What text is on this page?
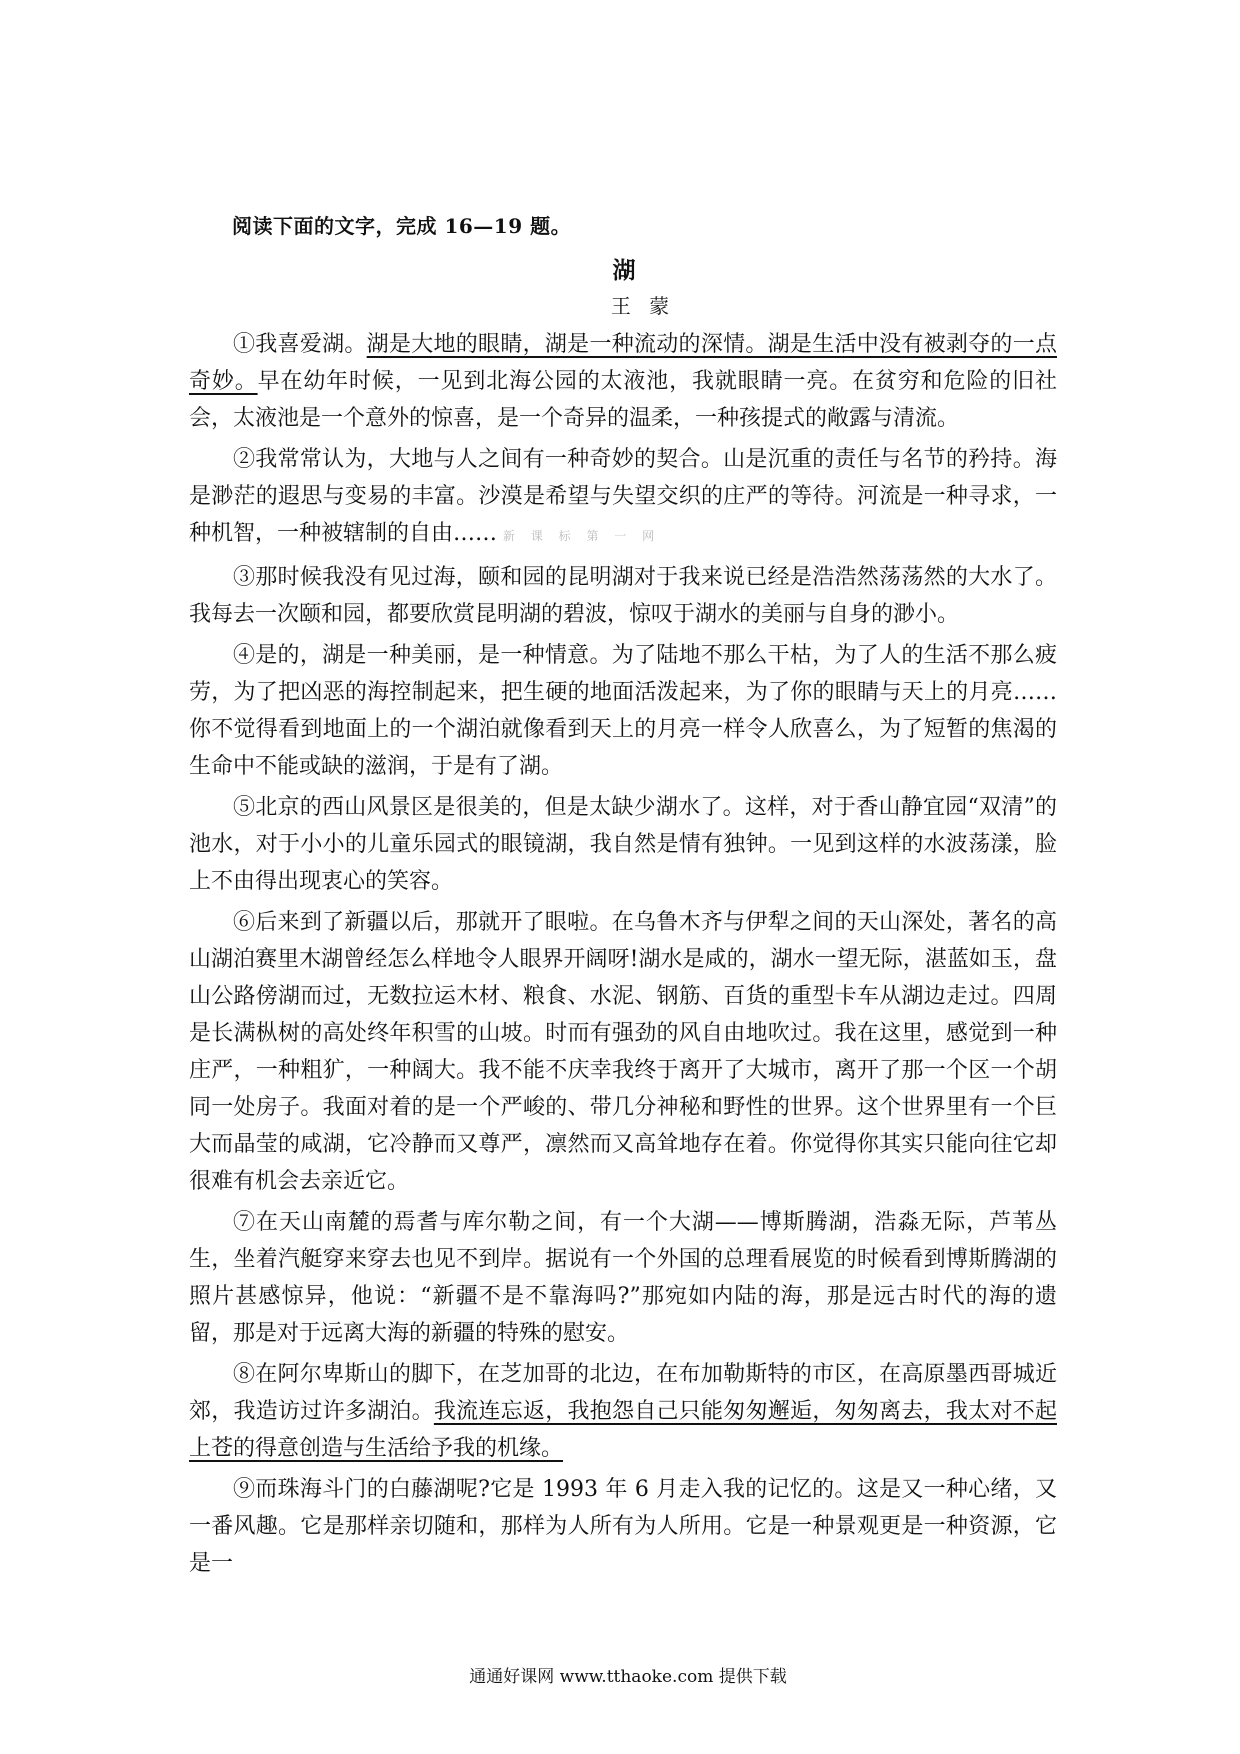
阅读下面的文字，完成 16—19 题。
湖
王 蒙

①我喜爱湖。湖是大地的眼睛，湖是一种流动的深情。湖是生活中没有被剥夺的一点奇妙。早在幼年时候，一见到北海公园的太液池，我就眼睛一亮。在贫穷和危险的旧社会，太液池是一个意外的惊喜，是一个奇异的温柔，一种孩提式的敞露与清流。

②我常常认为，大地与人之间有一种奇妙的契合。山是沉重的责任与名节的矜持。海是渺茫的遐思与变易的丰富。沙漠是希望与失望交织的庄严的等待。河流是一种寻求，一种机智，一种被辖制的自由…… 新 课 标 第 一 网

③那时候我没有见过海，颐和园的昆明湖对于我来说已经是浩浩然荡荡然的大水了。我每去一次颐和园，都要欣赏昆明湖的碧波，惊叹于湖水的美丽与自身的渺小。

④是的，湖是一种美丽，是一种情意。为了陆地不那么干枯，为了人的生活不那么疲劳，为了把凶恶的海控制起来，把生硬的地面活泼起来，为了你的眼睛与天上的月亮……你不觉得看到地面上的一个湖泊就像看到天上的月亮一样令人欣喜么，为了短暂的焦渴的生命中不能或缺的滋润，于是有了湖。

⑤北京的西山风景区是很美的，但是太缺少湖水了。这样，对于香山静宜园“双清”的池水，对于小小的儿童乐园式的眼镜湖，我自然是情有独钟。一见到这样的水波荡漾，脸上不由得出现衷心的笑容。

⑥后来到了新疆以后，那就开了眼啦。在乌鲁木齐与伊犁之间的天山深处，著名的高山湖泊赛里木湖曾经怎么样地令人眼界开阔呀!湖水是咸的，湖水一望无际，湛蓝如玉，盘山公路傍湖而过，无数拉运木材、粮食、水泥、钢筋、百货的重型卡车从湖边走过。四周是长满枞树的高处终年积雪的山坡。时而有强劲的风自由地吹过。我在这里，感觉到一种庄严，一种粗犷，一种阔大。我不能不庆幸我终于离开了大城市，离开了那一个区一个胡同一处房子。我面对着的是一个严峻的、带几分神秘和野性的世界。这个世界里有一个巨大而晶莹的咸湖，它冷静而又尊严，凛然而又高耸地存在着。你觉得你其实只能向往它却很难有机会去亲近它。

⑦在天山南麓的焉耆与库尔勒之间，有一个大湖——博斯腾湖，浩淼无际，芦苇丛生，坐着汽艇穿来穿去也见不到岸。据说有一个外国的总理看展览的时候看到博斯腾湖的照片甚感惊异，他说：“新疆不是不靠海吗?”那宛如内陆的海，那是远古时代的海的遗留，那是对于远离大海的新疆的特殊的慰安。

⑧在阿尔卑斯山的脚下，在芝加哥的北边，在布加勒斯特的市区，在高原墨西哥城近郊，我造访过许多湖泊。我流连忘返，我抱怨自己只能匆匆邂逅，匆匆离去，我太对不起上苍的得意创造与生活给予我的机缘。

⑨而珠海斗门的白藤湖呢?它是 1993 年 6 月走入我的记忆的。这是又一种心绪，又一番风趣。它是那样亲切随和，那样为人所有为人所用。它是一种景观更是一种资源，它是一

通通好课网 www.tthaoke.com 提供下载
